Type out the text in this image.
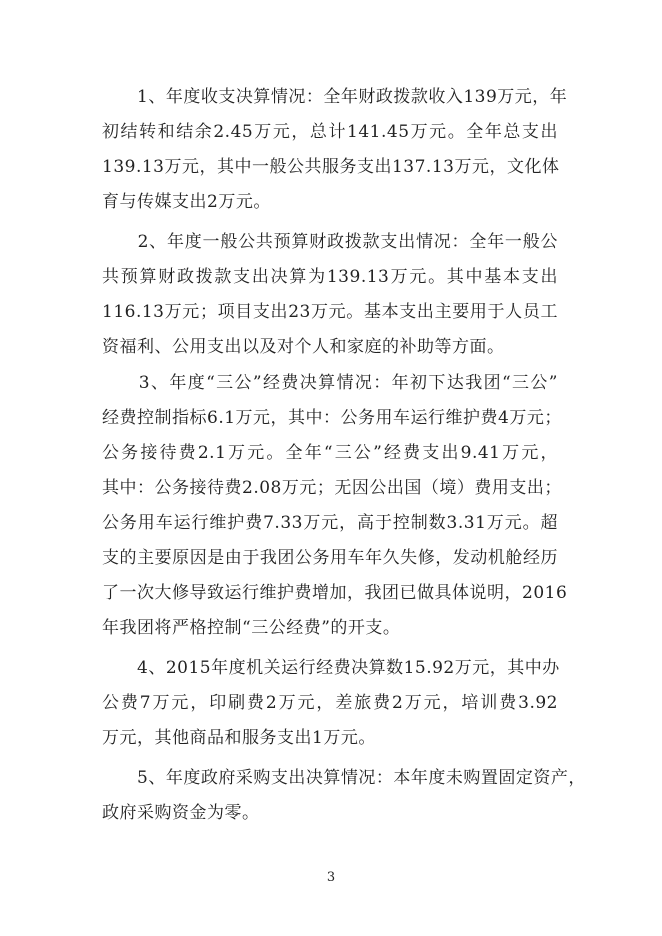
　　1、年度收支决算情况：全年财政拨款收入139万元，年
初结转和结余2.45万元，总计141.45万元。全年总支出
139.13万元，其中一般公共服务支出137.13万元，文化体
育与传媒支出2万元。
　　2、年度一般公共预算财政拨款支出情况：全年一般公
共预算财政拨款支出决算为139.13万元。其中基本支出
116.13万元；项目支出23万元。基本支出主要用于人员工
资福利、公用支出以及对个人和家庭的补助等方面。
　　3、年度“三公”经费决算情况：年初下达我团“三公”
经费控制指标6.1万元，其中：公务用车运行维护费4万元；
公务接待费2.1万元。全年“三公”经费支出9.41万元，
其中：公务接待费2.08万元；无因公出国（境）费用支出；
公务用车运行维护费7.33万元，高于控制数3.31万元。超
支的主要原因是由于我团公务用车年久失修，发动机舱经历
了一次大修导致运行维护费增加，我团已做具体说明，2016
年我团将严格控制“三公经费”的开支。
　　4、2015年度机关运行经费决算数15.92万元，其中办
公费7万元，印刷费2万元，差旅费2万元，培训费3.92
万元，其他商品和服务支出1万元。
　　5、年度政府采购支出决算情况：本年度未购置固定资产，
政府采购资金为零。
3
